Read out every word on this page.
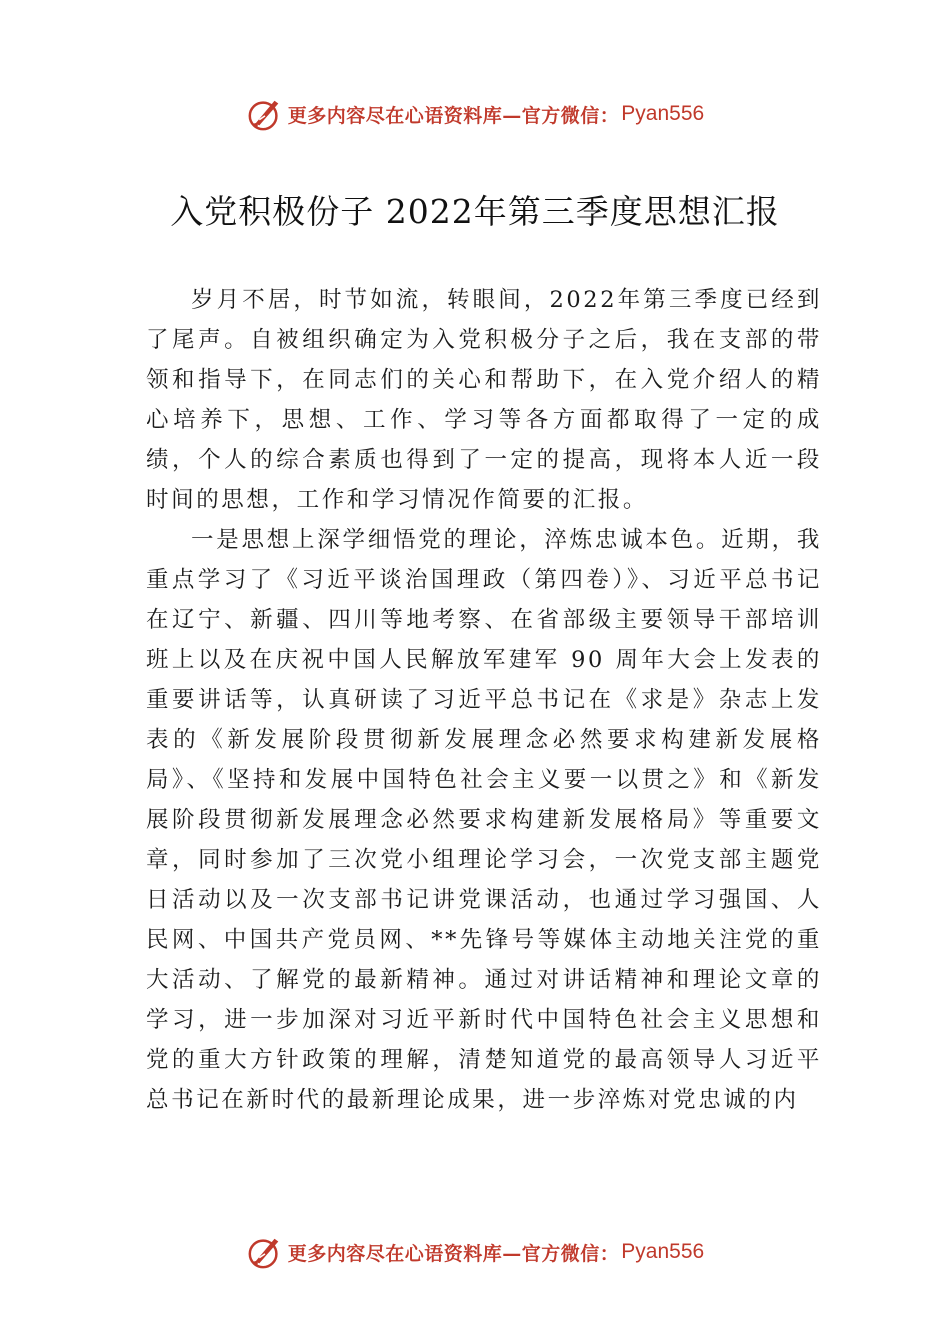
更多内容尽在心语资料库—官方微信： Pyan556
入党积极份子 2022年第三季度思想汇报

岁月不居，时节如流，转眼间，2022年第三季度已经到了尾声。自被组织确定为入党积极分子之后，我在支部的带领和指导下，在同志们的关心和帮助下，在入党介绍人的精心培养下，思想、工作、学习等各方面都取得了一定的成绩，个人的综合素质也得到了一定的提高，现将本人近一段时间的思想，工作和学习情况作简要的汇报。

一是思想上深学细悟党的理论，淬炼忠诚本色。近期，我重点学习了《习近平谈治国理政（第四卷）》、习近平总书记在辽宁、新疆、四川等地考察、在省部级主要领导干部培训班上以及在庆祝中国人民解放军建军 90 周年大会上发表的重要讲话等，认真研读了习近平总书记在《求是》杂志上发表的《新发展阶段贯彻新发展理念必然要求构建新发展格局》、《坚持和发展中国特色社会主义要一以贯之》和《新发展阶段贯彻新发展理念必然要求构建新发展格局》等重要文章，同时参加了三次党小组理论学习会，一次党支部主题党日活动以及一次支部书记讲党课活动，也通过学习强国、人民网、中国共产党员网、**先锋号等媒体主动地关注党的重大活动、了解党的最新精神。通过对讲话精神和理论文章的学习，进一步加深对习近平新时代中国特色社会主义思想和党的重大方针政策的理解，清楚知道党的最高领导人习近平总书记在新时代的最新理论成果，进一步淬炼对党忠诚的内

更多内容尽在心语资料库—官方微信： Pyan556
